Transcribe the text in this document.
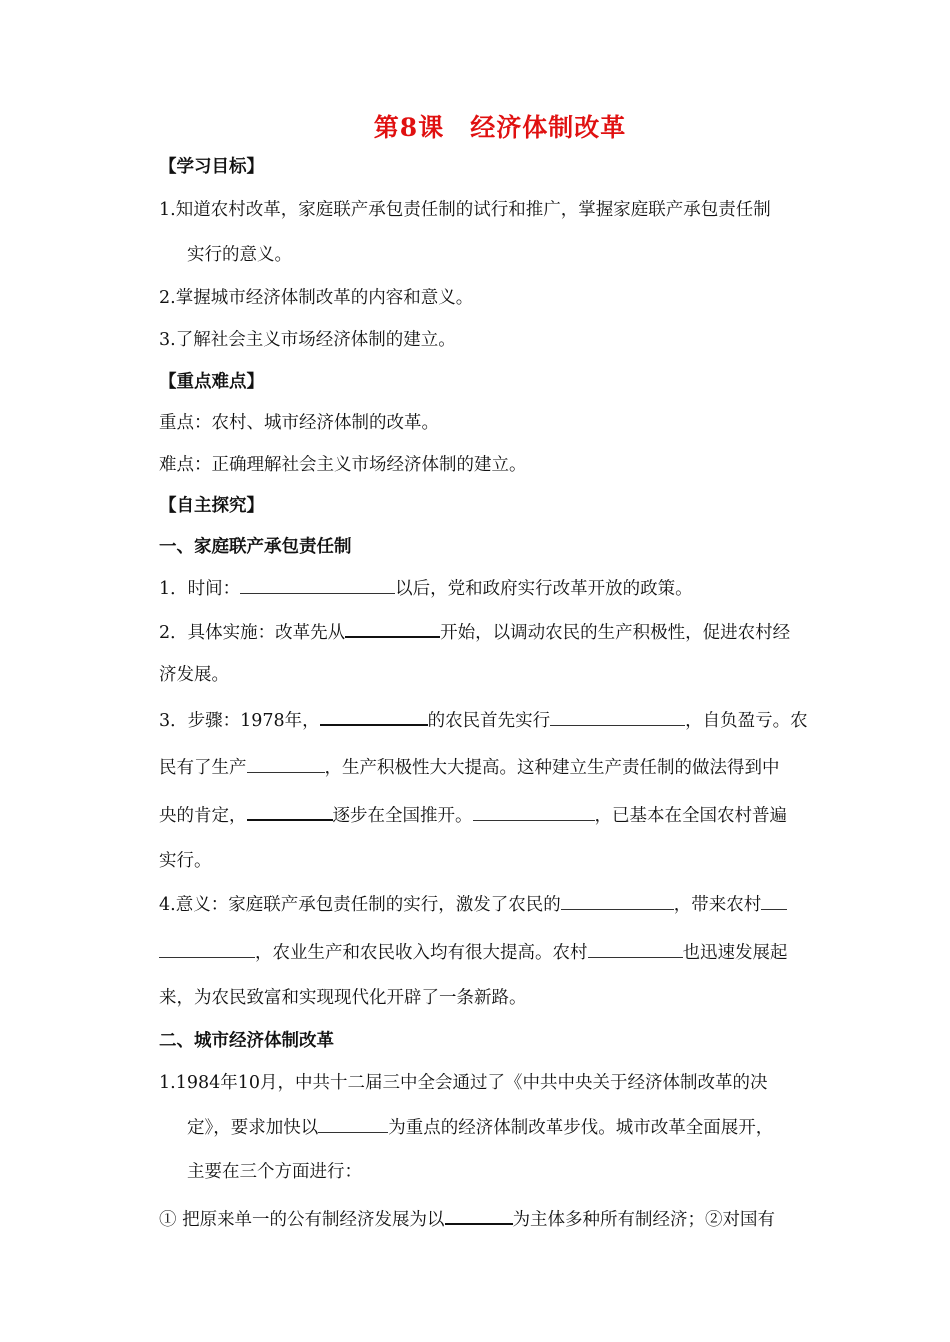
第8课　经济体制改革
【学习目标】
1.知道农村改革，家庭联产承包责任制的试行和推广，掌握家庭联产承包责任制
实行的意义。
2.掌握城市经济体制改革的内容和意义。
3.了解社会主义市场经济体制的建立。
【重点难点】
重点：农村、城市经济体制的改革。
难点：正确理解社会主义市场经济体制的建立。
【自主探究】
一、家庭联产承包责任制
1．时间：	以后，党和政府实行改革开放的政策。
2．具体实施：改革先从	开始，以调动农民的生产积极性，促进农村经
济发展。
3．步骤：1978年，	的农民首先实行	，自负盈亏。农
民有了生产	，生产积极性大大提高。这种建立生产责任制的做法得到中
央的肯定，	逐步在全国推开。	，已基本在全国农村普遍
实行。
4.意义：家庭联产承包责任制的实行，激发了农民的	，带来农村
，农业生产和农民收入均有很大提高。农村	也迅速发展起
来，为农民致富和实现现代化开辟了一条新路。
二、城市经济体制改革
1.1984年10月，中共十二届三中全会通过了《中共中央关于经济体制改革的决
定》，要求加快以	为重点的经济体制改革步伐。城市改革全面展开，
主要在三个方面进行：
① 把原来单一的公有制经济发展为以	为主体多种所有制经济；②对国有
